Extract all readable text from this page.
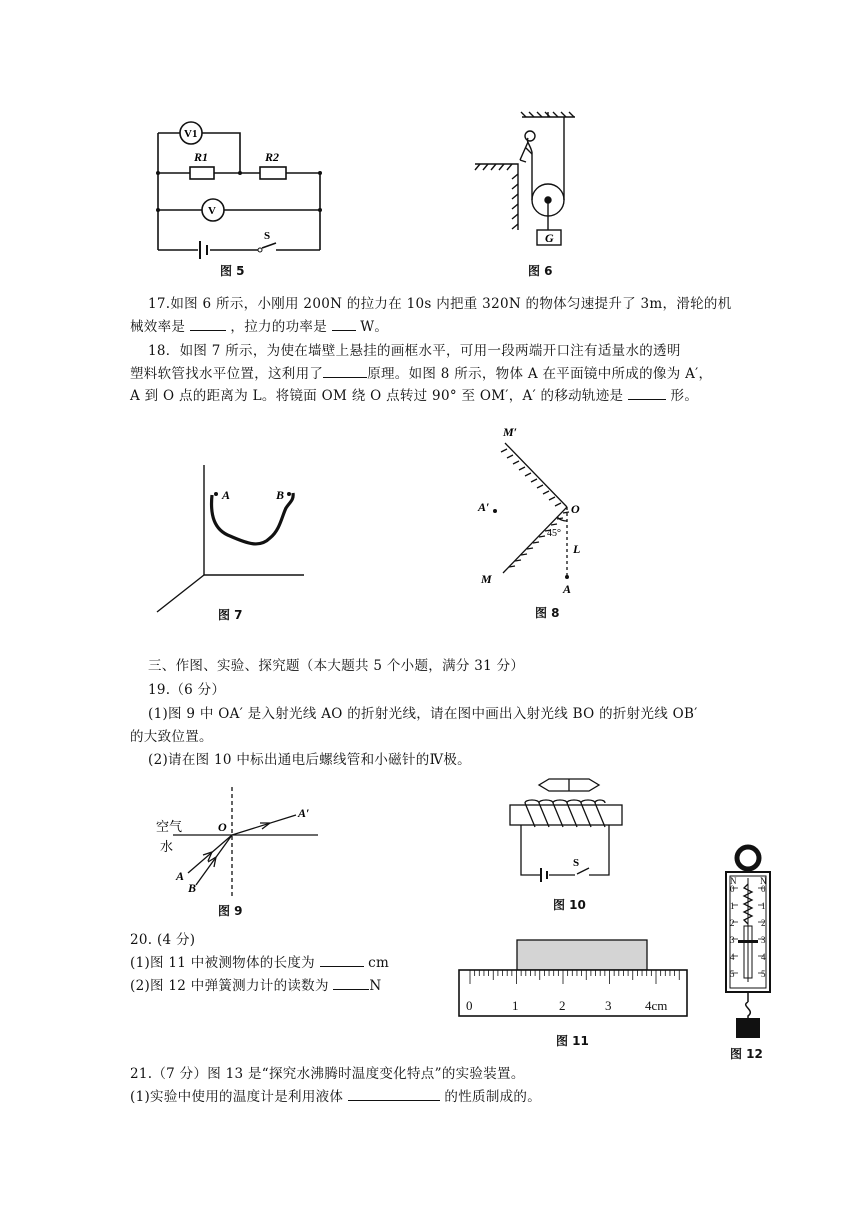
V1
R1	R2
V
S
图 5
G
图 6
17.如图 6 所示，小刚用 200N 的拉力在 10s 内把重 320N 的物体匀速提升了 3m，滑轮的机
械效率是	，拉力的功率是 W。
18．如图 7 所示，为使在墙壁上悬挂的画框水平，可用一段两端开口注有适量水的透明
塑料软管找水平位置，这利用了	原理。如图 8 所示，物体 A 在平面镜中所成的像为 A′，
A 到 O 点的距离为 L。将镜面 OM 绕 O 点转过 90° 至 OM′，A′ 的移动轨迹是	形。
A	B
图 7
M′
A′	O
45°
L
M
A
图 8
三、作图、实验、探究题（本大题共 5 个小题，满分 31 分）
19.（6 分）
(1)图 9 中 OA′ 是入射光线 AO 的折射光线，请在图中画出入射光线 BO 的折射光线 OB′
的大致位置。
(2)请在图 10 中标出通电后螺线管和小磁针的Ⅳ极。
空气
水
O
A′
A
B
图 9
S
图 10
N	N
0
1
2
3
4
5
0
1
2
3
4
5
图 12
20. (4 分)
(1)图 11 中被测物体的长度为	cm
(2)图 12 中弹簧测力计的读数为	N
0	1	2	3	4cm
图 11
21.（7 分）图 13 是“探究水沸腾时温度变化特点”的实验装置。
(1)实验中使用的温度计是利用液体	的性质制成的。
